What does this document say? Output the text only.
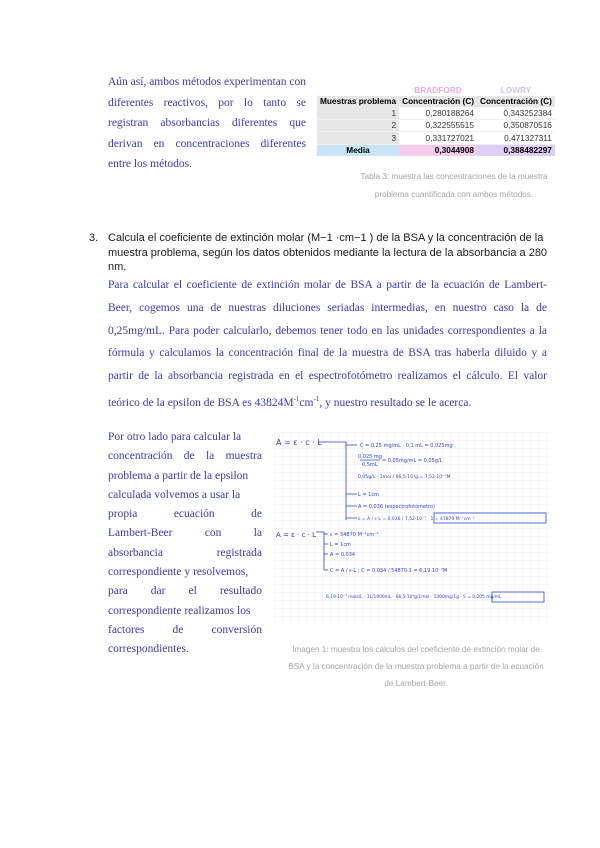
Aún así, ambos métodos experimentan con diferentes reactivos, por lo tanto se registran absorbancias diferentes que derivan en concentraciones diferentes entre los métodos.
	BRADFORD	LOWRY
Muestras problema	Concentración (C)	Concentración (C)
1	0,280188264	0,343252384
2	0,322555515	0,350870516
3	0,331727021	0,471327311
Media	0,3044908	0,388482297
Tabla 3: muestra las concentraciones de la muestra problema cuantificada con ambos métodos.
3. Calcula el coeficiente de extinción molar (M−1 ·cm−1 ) de la BSA y la concentración de la muestra problema, según los datos obtenidos mediante la lectura de la absorbancia a 280 nm.
Para calcular el coeficiente de extinción molar de BSA a partir de la ecuación de Lambert-Beer, cogemos una de nuestras diluciones seriadas intermedias, en nuestro caso la de 0,25mg/mL. Para poder calcularlo, debemos tener todo en las unidades correspondientes a la fórmula y calculamos la concentración final de la muestra de BSA tras haberla diluido y a partir de la absorbancia registrada en el espectrofotómetro realizamos el cálculo. El valor teórico de la epsilon de BSA es $43824M^{-1}cm^{-1}$, y nuestro resultado se le acerca.
Por otro lado para calcular la
concentración de la muestra
problema a partir de la epsilon
calculada volvemos a usar la
propia ecuación de
Lambert-Beer con la
absorbancia registrada
correspondiente y resolvemos,
para dar el resultado
correspondiente realizamos los
factores de conversión
correspondientes.
A = ε · c · L	C = 0,25 mg/mL · 0,1 mL = 0,025mg
0,025 mg
0,5mL
= 0,05mg/mL = 0,05g/L
0,05g/L · 1mol / 66,5·10³g = 7,52·10⁻⁷M
L = 1cm
A = 0,036 (espectrofotómetro)
ε = A / c·L = 0,036 / 7,52·10⁻⁷ · 1 = 47870 M⁻¹cm⁻¹
A = ε · c · L	ε = 54870 M⁻¹cm⁻¹
L = 1cm
A = 0,034
C = A / ε·L ; C = 0,034 / 54870·1 = 6,19·10⁻⁷M
6,19·10⁻⁷ mols/L · 1L/1000mL · 66,5·10³g/1mol · 1000mg/1g · 5 = 0,205 mg/mL
Imagen 1: muestra los cálculos del coeficiente de extinción molar de BSA y la concentración de la muestra problema a partir de la ecuación de Lambert-Beer.
